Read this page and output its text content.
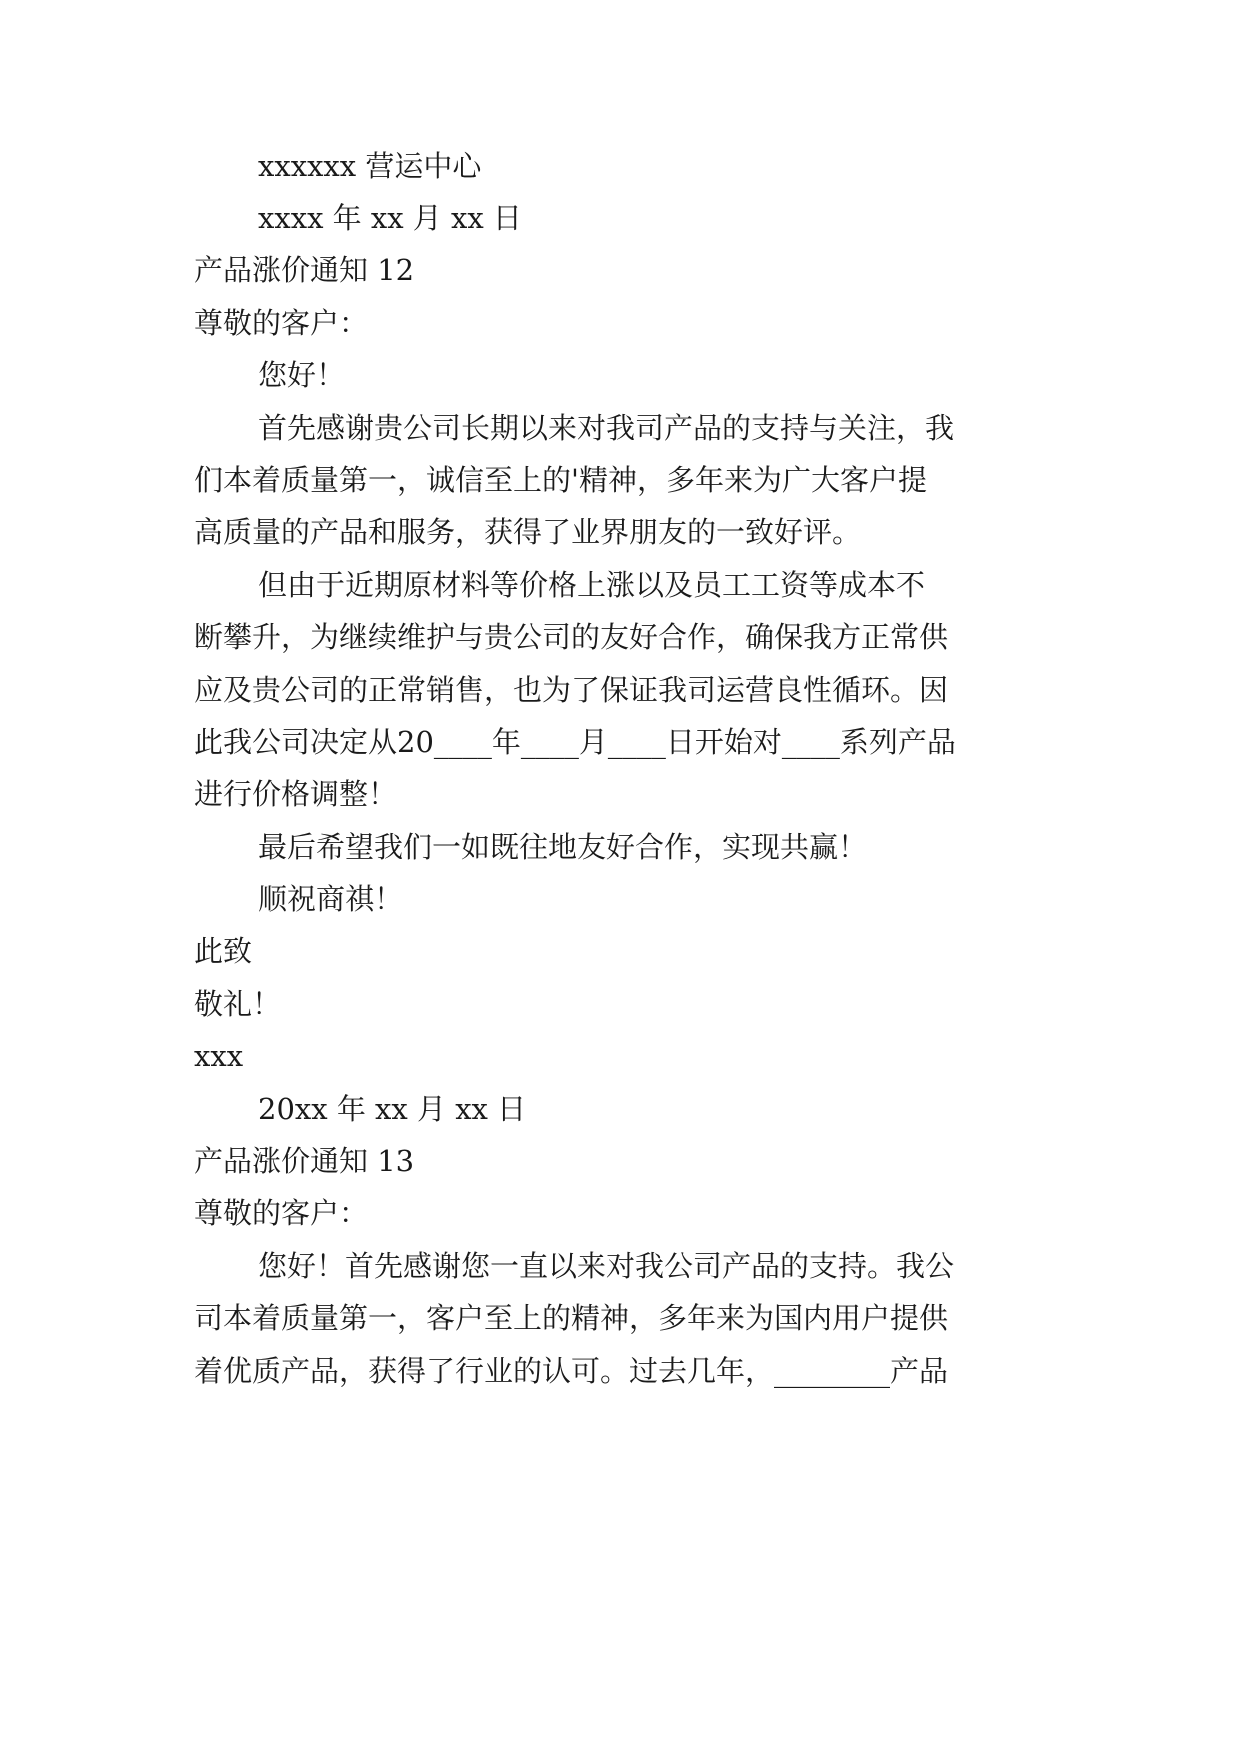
xxxxxx 营运中心

xxxx 年 xx 月 xx 日

产品涨价通知 12

尊敬的客户：

您好！

首先感谢贵公司长期以来对我司产品的支持与关注，我

们本着质量第一，诚信至上的'精神，多年来为广大客户提

高质量的产品和服务，获得了业界朋友的一致好评。

但由于近期原材料等价格上涨以及员工工资等成本不

断攀升，为继续维护与贵公司的友好合作，确保我方正常供

应及贵公司的正常销售，也为了保证我司运营良性循环。因

此我公司决定从20____年____月____日开始对____系列产品

进行价格调整！

最后希望我们一如既往地友好合作，实现共赢！

顺祝商祺！

此致

敬礼！

xxx

20xx 年 xx 月 xx 日

产品涨价通知 13

尊敬的客户：

您好！首先感谢您一直以来对我公司产品的支持。我公

司本着质量第一，客户至上的精神，多年来为国内用户提供

着优质产品，获得了行业的认可。过去几年，________产品
